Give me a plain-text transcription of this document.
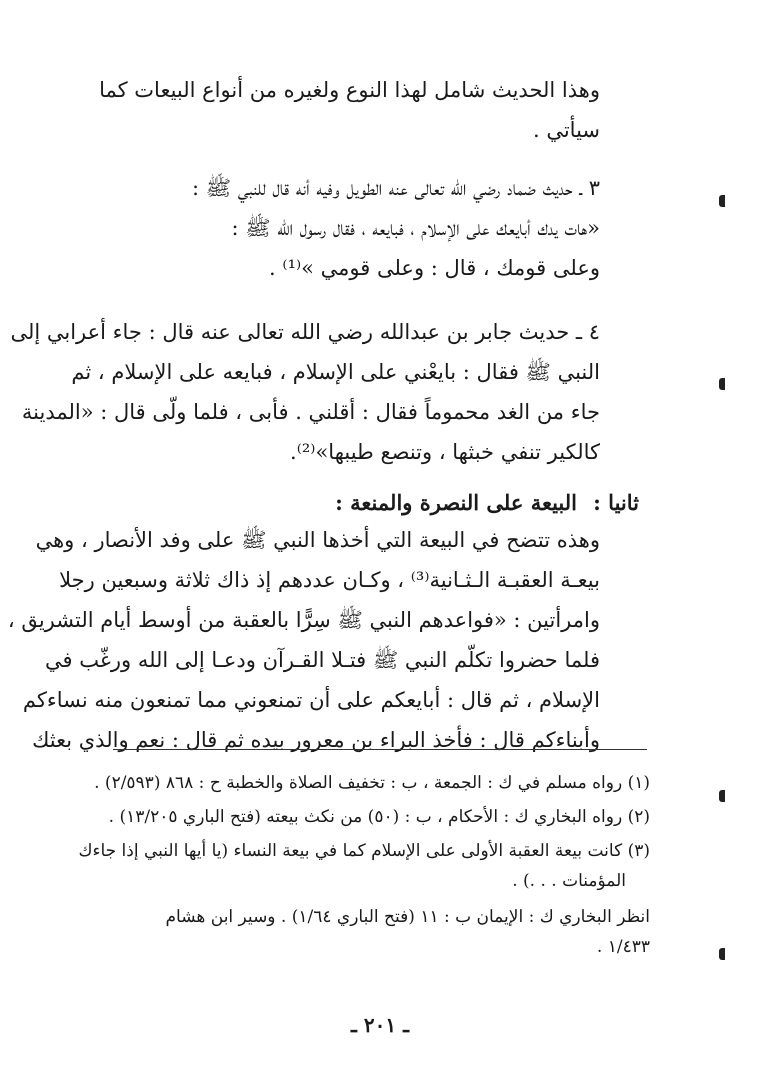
وهذا الحديث شامل لهذا النوع ولغيره من أنواع البيعات كما
سيأتي .
٣ ـ حديث ضماد رضي الله تعالى عنه الطويل وفيه أنه قال للنبي ﷺ :
«هات يدك أبايعك على الإسلام ، فبايعه ، فقال رسول الله ﷺ :
وعلى قومك ، قال : وعلى قومي »⁽¹⁾ .
٤ ـ حديث جابر بن عبدالله رضي الله تعالى عنه قال : جاء أعرابي إلى
النبي ﷺ فقال : بايعْني على الإسلام ، فبايعه على الإسلام ، ثم
جاء من الغد محموماً فقال : أقلني . فأبى ، فلما ولّى قال : «المدينة
كالكير تنفي خبثها ، وتنصع طيبها»⁽²⁾.
ثانيا :
البيعة على النصرة والمنعة :
وهذه تتضح في البيعة التي أخذها النبي ﷺ على وفد الأنصار ، وهي
بيعـة العقبـة الـثـانية⁽³⁾ ، وكـان عددهم إذ ذاك ثلاثة وسبعين رجلا
وامرأتين : «فواعدهم النبي ﷺ سِرًّا بالعقبة من أوسط أيام التشريق ،
فلما حضروا تكلّم النبي ﷺ فتـلا القـرآن ودعـا إلى الله ورغّب في
الإسلام ، ثم قال : أبايعكم على أن تمنعوني مما تمنعون منه نساءكم
وأبناءكم قال : فأخذ البراء بن معرور بيده ثم قال : نعم والذي بعثك
(١) رواه مسلم في ك : الجمعة ، ب : تخفيف الصلاة والخطبة ح : ٨٦٨ (٢/٥٩٣) .
(٢) رواه البخاري ك : الأحكام ، ب : (٥٠) من نكث بيعته (فتح الباري ١٣/٢٠٥) .
(٣) كانت بيعة العقبة الأولى على الإسلام كما في بيعة النساء (يا أيها النبي إذا جاءك
المؤمنات . . .) .
انظر البخاري ك : الإيمان ب : ١١ (فتح الباري ١/٦٤) . وسير ابن هشام
١/٤٣٣ .
ـ ٢٠١ ـ
